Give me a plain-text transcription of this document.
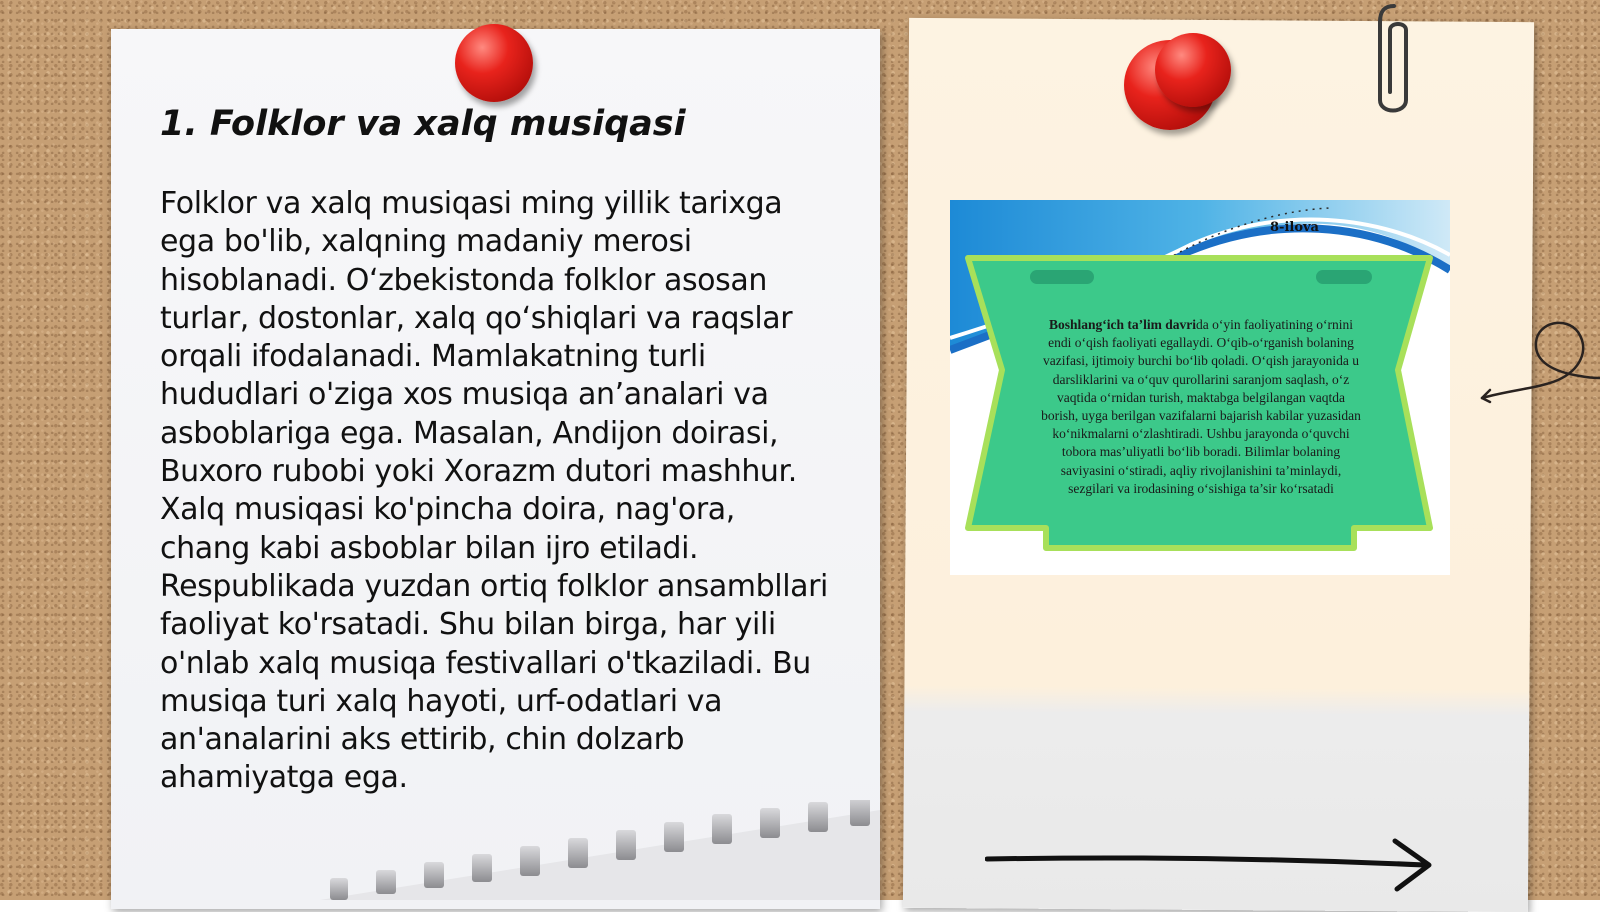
1. Folklor va xalq musiqasi

Folklor va xalq musiqasi ming yillik tarixga ega bo'lib, xalqning madaniy merosi hisoblanadi. O‘zbekistonda folklor asosan turlar, dostonlar, xalq qo‘shiqlari va raqslar orqali ifodalanadi. Mamlakatning turli hududlari o'ziga xos musiqa an’analari va asboblariga ega. Masalan, Andijon doirasi, Buxoro rubobi yoki Xorazm dutori mashhur. Xalq musiqasi ko'pincha doira, nag'ora, chang kabi asboblar bilan ijro etiladi. Respublikada yuzdan ortiq folklor ansambllari faoliyat ko'rsatadi. Shu bilan birga, har yili o'nlab xalq musiqa festivallari o'tkaziladi. Bu musiqa turi xalq hayoti, urf-odatlari va an'analarini aks ettirib, chin dolzarb ahamiyatga ega.

8-ilova

Boshlang‘ich ta’lim davrida o‘yin faoliyatining o‘rnini endi o‘qish faoliyati egallaydi. O‘qib-o‘rganish bolaning vazifasi, ijtimoiy burchi bo‘lib qoladi. O‘qish jarayonida u darsliklarini va o‘quv qurollarini saranjom saqlash, o‘z vaqtida o‘rnidan turish, maktabga belgilangan vaqtda borish, uyga berilgan vazifalarni bajarish kabilar yuzasidan ko‘nikmalarni o‘zlashtiradi. Ushbu jarayonda o‘quvchi tobora mas’uliyatli bo‘lib boradi. Bilimlar bolaning saviyasini o‘stiradi, aqliy rivojlanishini ta’minlaydi, sezgilari va irodasining o‘sishiga ta’sir ko‘rsatadi
